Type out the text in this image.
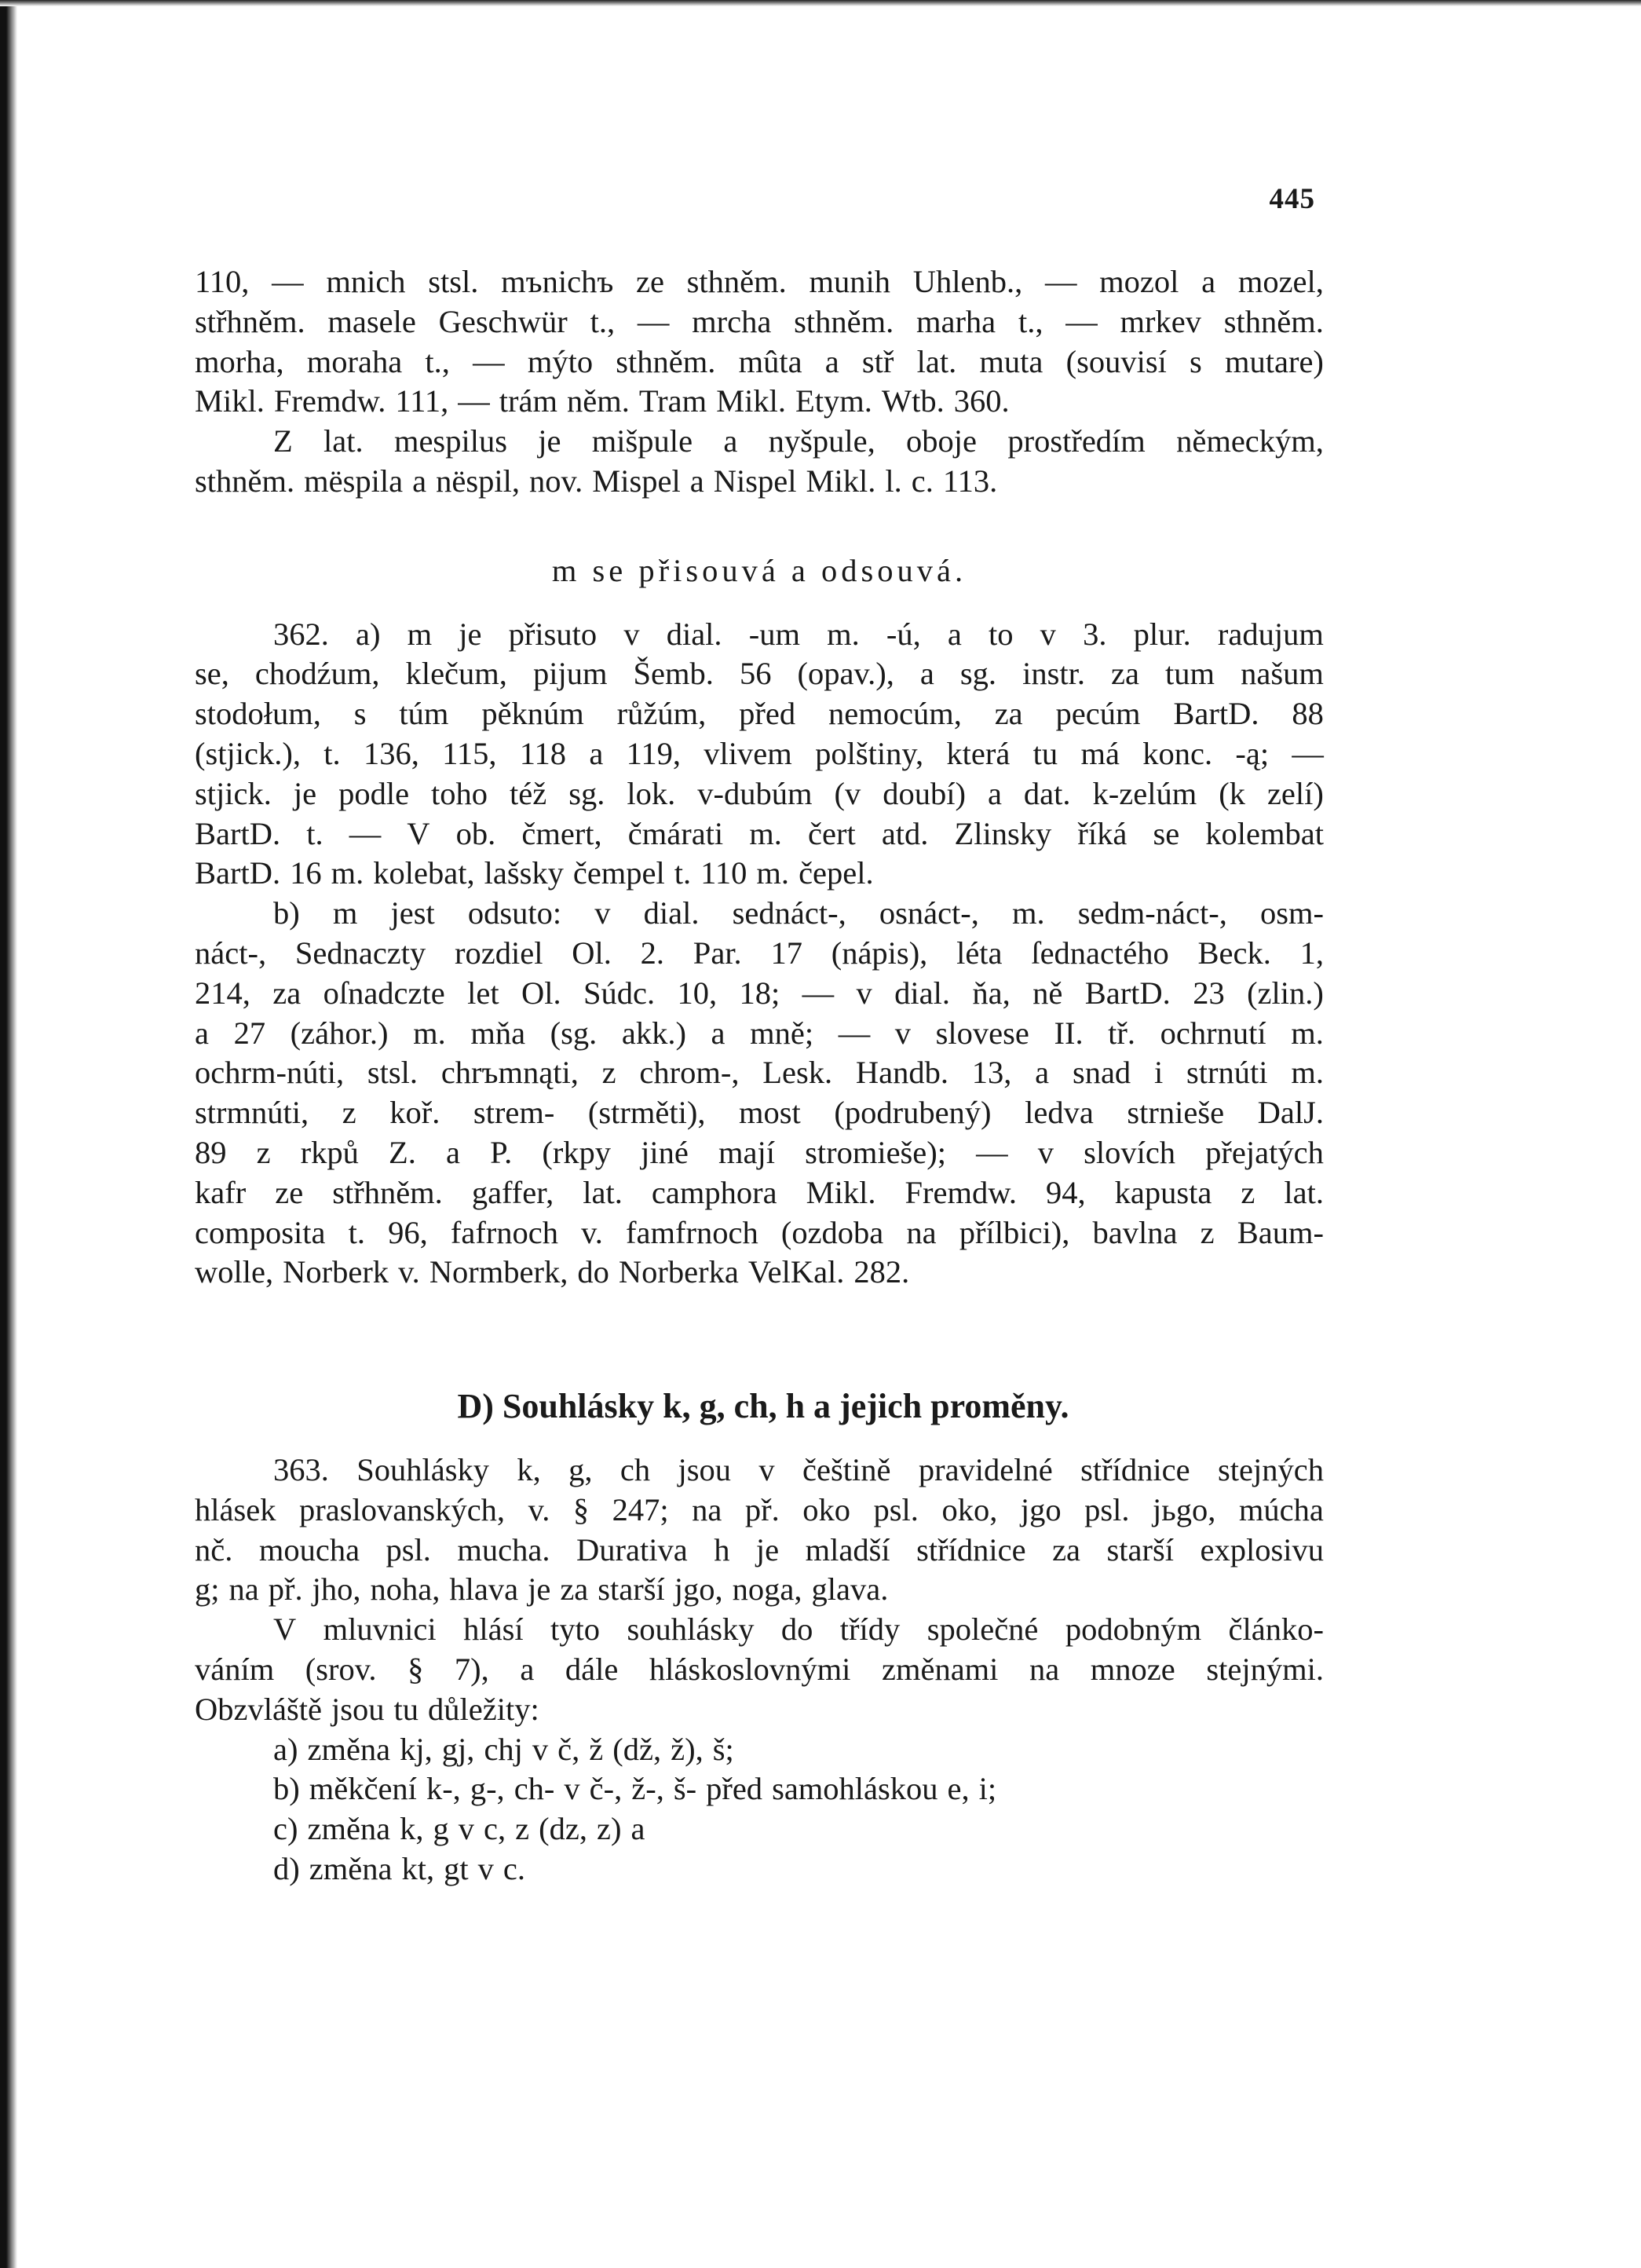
445
110, — mnich stsl. mъnichъ ze sthněm. munih Uhlenb., — mozol a mozel,
střhněm. masele Geschwür t., — mrcha sthněm. marha t., — mrkev sthněm.
morha, moraha t., — mýto sthněm. mûta a stř lat. muta (souvisí s mutare)
Mikl. Fremdw. 111, — trám něm. Tram Mikl. Etym. Wtb. 360.
Z lat. mespilus je mišpule a nyšpule, oboje prostředím německým,
sthněm. mëspila a nëspil, nov. Mispel a Nispel Mikl. l. c. 113.
m se přisouvá a odsouvá.
362. a) m je přisuto v dial. -um m. -ú, a to v 3. plur. radujum
se, chodźum, klečum, pijum Šemb. 56 (opav.), a sg. instr. za tum našum
stodołum, s túm pěknúm růžúm, před nemocúm, za pecúm BartD. 88
(stjick.), t. 136, 115, 118 a 119, vlivem polštiny, která tu má konc. -ą; —
stjick. je podle toho též sg. lok. v-dubúm (v doubí) a dat. k-zelúm (k zelí)
BartD. t. — V ob. čmert, čmárati m. čert atd. Zlinsky říká se kolembat
BartD. 16 m. kolebat, lašsky čempel t. 110 m. čepel.
b) m jest odsuto: v dial. sednáct-, osnáct-, m. sedm-náct-, osm-
náct-, Sednaczty rozdiel Ol. 2. Par. 17 (nápis), léta ſednactého Beck. 1,
214, za oſnadczte let Ol. Súdc. 10, 18; — v dial. ňa, ně BartD. 23 (zlin.)
a 27 (záhor.) m. mňa (sg. akk.) a mně; — v slovese II. tř. ochrnutí m.
ochrm-núti, stsl. chrъmnąti, z chrom-, Lesk. Handb. 13, a snad i strnúti m.
strmnúti, z koř. strem- (strměti), most (podrubený) ledva strnieše DalJ.
89 z rkpů Z. a P. (rkpy jiné mají stromieše); — v slovích přejatých
kafr ze střhněm. gaffer, lat. camphora Mikl. Fremdw. 94, kapusta z lat.
composita t. 96, fafrnoch v. famfrnoch (ozdoba na přílbici), bavlna z Baum-
wolle, Norberk v. Normberk, do Norberka VelKal. 282.
D) Souhlásky k, g, ch, h a jejich proměny.
363. Souhlásky k, g, ch jsou v češtině pravidelné střídnice stejných
hlásek praslovanských, v. § 247; na př. oko psl. oko, jgo psl. jьgo, múcha
nč. moucha psl. mucha. Durativa h je mladší střídnice za starší explosivu
g; na př. jho, noha, hlava je za starší jgo, noga, glava.
V mluvnici hlásí tyto souhlásky do třídy společné podobným článko-
váním (srov. § 7), a dále hláskoslovnými změnami na mnoze stejnými.
Obzvláště jsou tu důležity:
a) změna kj, gj, chj v č, ž (dž, ž), š;
b) měkčení k-, g-, ch- v č-, ž-, š- před samohláskou e, i;
c) změna k, g v c, z (dz, z) a
d) změna kt, gt v c.
